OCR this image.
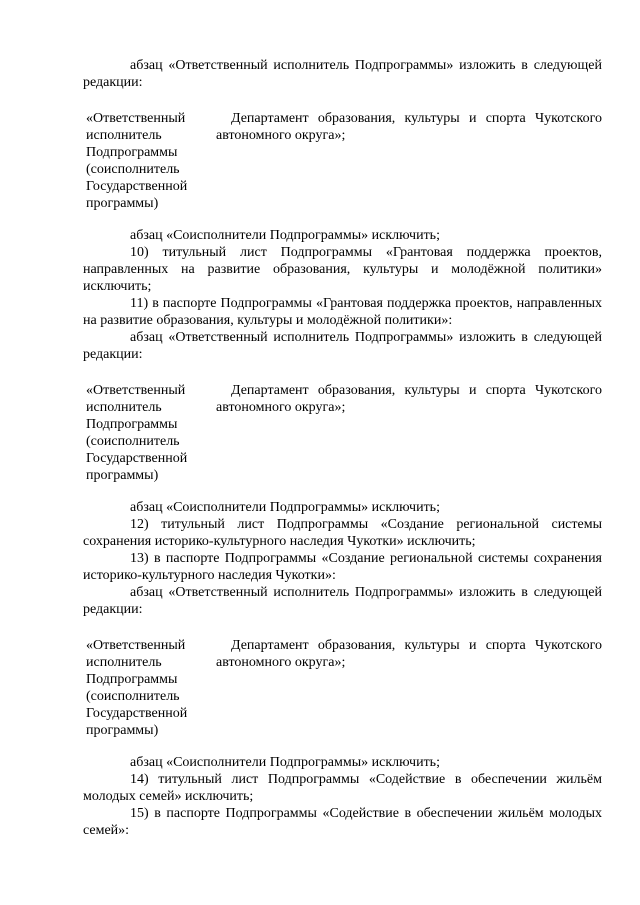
абзац «Ответственный исполнитель Подпрограммы» изложить в следующей редакции:

«Ответственный
исполнитель
Подпрограммы
(соисполнитель
Государственной
программы)

Департамент образования, культуры и спорта Чукотского автономного округа»;

абзац «Соисполнители Подпрограммы» исключить;

10) титульный лист Подпрограммы «Грантовая поддержка проектов, направленных на развитие образования, культуры и молодёжной политики» исключить;

11) в паспорте Подпрограммы «Грантовая поддержка проектов, направленных на развитие образования, культуры и молодёжной политики»:

абзац «Ответственный исполнитель Подпрограммы» изложить в следующей редакции:

«Ответственный
исполнитель
Подпрограммы
(соисполнитель
Государственной
программы)

Департамент образования, культуры и спорта Чукотского автономного округа»;

абзац «Соисполнители Подпрограммы» исключить;

12) титульный лист Подпрограммы «Создание региональной системы сохранения историко-культурного наследия Чукотки» исключить;

13) в паспорте Подпрограммы «Создание региональной системы сохранения историко-культурного наследия Чукотки»:

абзац «Ответственный исполнитель Подпрограммы» изложить в следующей редакции:

«Ответственный
исполнитель
Подпрограммы
(соисполнитель
Государственной
программы)

Департамент образования, культуры и спорта Чукотского автономного округа»;

абзац «Соисполнители Подпрограммы» исключить;

14) титульный лист Подпрограммы «Содействие в обеспечении жильём молодых семей» исключить;

15) в паспорте Подпрограммы «Содействие в обеспечении жильём молодых семей»:
